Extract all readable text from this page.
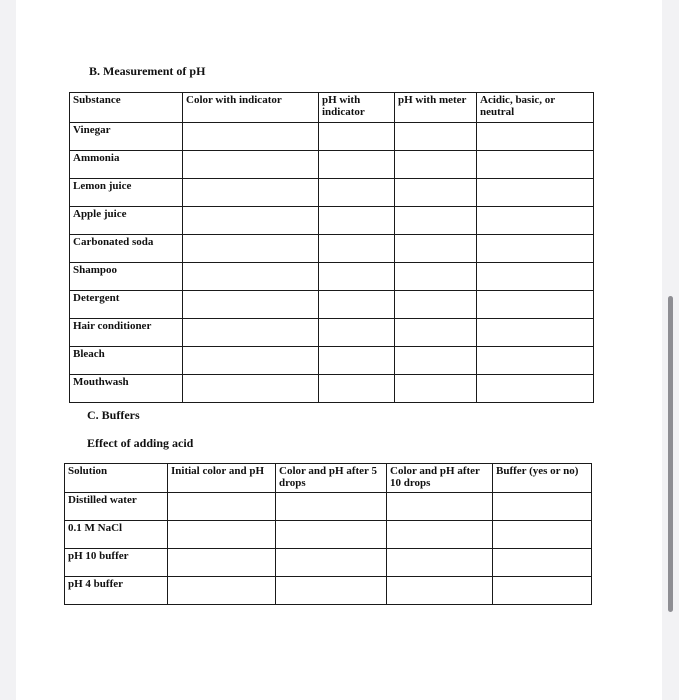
B. Measurement of pH
Substance	Color with indicator	pH with indicator	pH with meter	Acidic, basic, or neutral
Vinegar				
Ammonia				
Lemon juice				
Apple juice				
Carbonated soda				
Shampoo				
Detergent				
Hair conditioner				
Bleach				
Mouthwash				
C. Buffers
Effect of adding acid
Solution	Initial color and pH	Color and pH after 5 drops	Color and pH after 10 drops	Buffer (yes or no)
Distilled water				
0.1 M NaCl				
pH 10 buffer				
pH 4 buffer				
